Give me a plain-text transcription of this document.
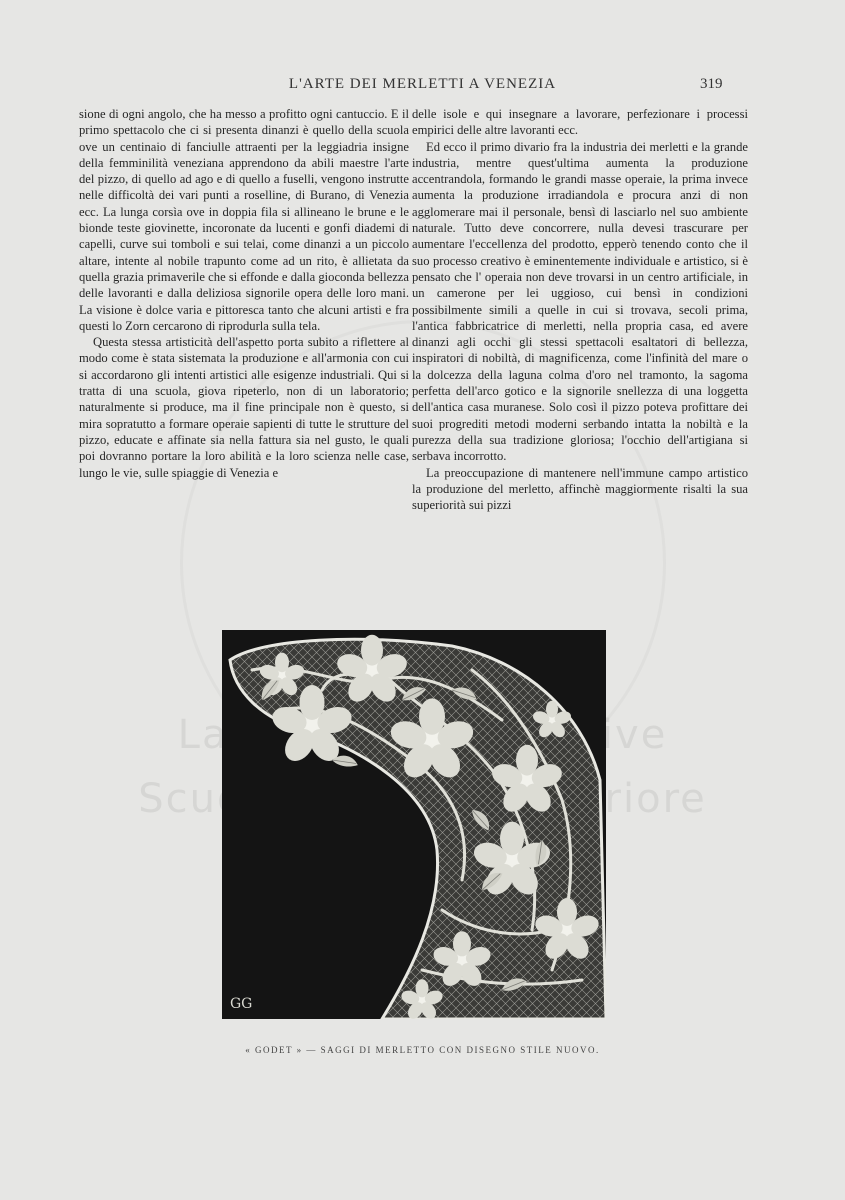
L'ARTE DEI MERLETTI A VENEZIA	319
Scuola

sione di ogni angolo, che ha messo a profitto ogni cantuccio. E il primo spettacolo che ci si presenta dinanzi è quello della scuola ove un centinaio di fanciulle attraenti per la leggiadria insigne della femminilità veneziana apprendono da abili maestre l'arte del pizzo, di quello ad ago e di quello a fuselli, vengono instrutte nelle difficoltà dei vari punti a roselline, di Burano, di Venezia ecc. La lunga corsìa ove in doppia fila si allineano le brune e le bionde teste giovinette, incoronate da lucenti e gonfi diademi di capelli, curve sui tomboli e sui telai, come dinanzi a un piccolo altare, intente al nobile trapunto come ad un rito, è allietata da quella grazia primaverile che si effonde e dalla gioconda bellezza delle lavoranti e dalla deliziosa signorile opera delle loro mani. La visione è dolce varia e pittoresca tanto che alcuni artisti e fra questi lo Zorn cercarono di riprodurla sulla tela.

Questa stessa artisticità dell'aspetto porta subito a riflettere al modo come è stata sistemata la produzione e all'armonia con cui si accordarono gli intenti artistici alle esigenze industriali. Qui si tratta di una scuola, giova ripeterlo, non di un laboratorio; naturalmente si produce, ma il fine principale non è questo, si mira sopratutto a formare operaie sapienti di tutte le strutture del pizzo, educate e affinate sia nella fattura sia nel gusto, le quali poi dovranno portare la loro abilità e la loro scienza nelle case, lungo le vie, sulle spiaggie di Venezia e

delle isole e qui insegnare a lavorare, perfezionare i processi empirici delle altre lavoranti ecc.

Ed ecco il primo divario fra la industria dei merletti e la grande industria, mentre quest'ultima aumenta la produzione accentrandola, formando le grandi masse operaie, la prima invece aumenta la produzione irradiandola e procura anzi di non agglomerare mai il personale, bensì di lasciarlo nel suo ambiente naturale. Tutto deve concorrere, nulla devesi trascurare per aumentare l'eccellenza del prodotto, epperò tenendo conto che il suo processo creativo è eminentemente individuale e artistico, si è pensato che l' operaia non deve trovarsi in un centro artificiale, in un camerone per lei uggioso, cui bensì in condizioni possibilmente simili a quelle in cui si trovava, secoli prima, l'antica fabbricatrice di merletti, nella propria casa, ed avere dinanzi agli occhi gli stessi spettacoli esaltatori di bellezza, inspiratori di nobiltà, di magnificenza, come l'infinità del mare o la dolcezza della laguna colma d'oro nel tramonto, la sagoma perfetta dell'arco gotico e la signorile snellezza di una loggetta dell'antica casa muranese. Solo così il pizzo poteva profittare dei suoi progrediti metodi moderni serbando intatta la nobiltà e la purezza della sua tradizione gloriosa; l'occhio dell'artigiana si serbava incorrotto.

La preoccupazione di mantenere nell'immune campo artistico la produzione del merletto, affinchè maggiormente risalti la sua superiorità sui pizzi

GG
« GODET » — SAGGI DI MERLETTO CON DISEGNO STILE NUOVO.
